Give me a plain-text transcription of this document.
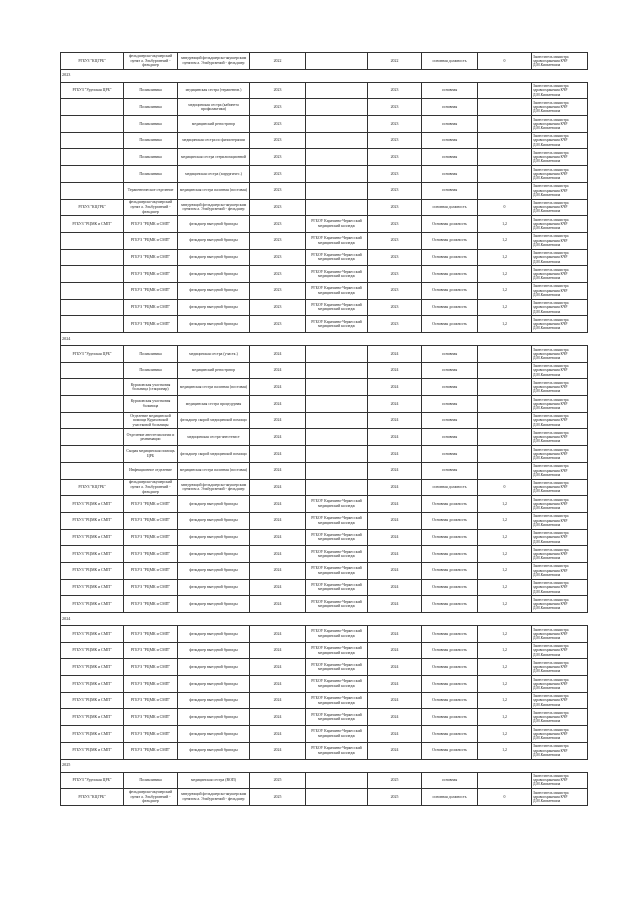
РГБУЗ "КЦГРБ"	фельдшерско-акушерский пункт а. Эльбурганчий - фельдшер	заведующий фельдшерско-акушерским пунктом а. Эльбурганчий - фельдшер	2022		2022	основная должность	0	Заместитель министра здравоохранения КЧР Д.М.Кипкеевшпа
2023								
РГБУЗ "Урупская ЦРБ"	Поликлиника	медицинская сестра (терапевтов.)	2023		2023	основная		Заместитель министра здравоохранения КЧР Д.М.Кипкеевшпа
	Поликлиника	медицинская сестра (кабинета профилактики)	2023		2023	основная		Заместитель министра здравоохранения КЧР Д.М.Кипкеевшпа
	Поликлиника	медицинский регистратор	2023		2023	основная		Заместитель министра здравоохранения КЧР Д.М.Кипкеевшпа
	Поликлиника	медицинская сестра по физиотерапии	2023		2023	основная		Заместитель министра здравоохранения КЧР Д.М.Кипкеевшпа
	Поликлиника	медицинская сестра стерилизационной	2023		2023	основная		Заместитель министра здравоохранения КЧР Д.М.Кипкеевшпа
	Поликлиника	медицинская сестра (хирургичес.)	2023		2023	основная		Заместитель министра здравоохранения КЧР Д.М.Кипкеевшпа
	Терапевтическое отделение	медицинская сестра палатная (постовая)	2023		2023	основная		Заместитель министра здравоохранения КЧР Д.М.Кипкеевшпа
РГБУЗ "КЦГРБ"	фельдшерско-акушерский пункт а. Эльбурганчий - фельдшер	заведующий фельдшерско-акушерским пунктом а. Эльбурганчий - фельдшер	2023		2023	основная должность	0	Заместитель министра здравоохранения КЧР Д.М.Кипкеевшпа
РГБУЗ "РЦМК и СМП"	РГБУЗ "РЦМК и СМП"	фельдшер выездной бригады	2023	РГБОУ Карачаево-Черкесский медицинский колледж	2023	Основная должность	1,2	Заместитель министра здравоохранения КЧР Д.М.Кипкеевшпа
	РГБУЗ "РЦМК и СМП"	фельдшер выездной бригады	2023	РГБОУ Карачаево-Черкесский медицинский колледж	2023	Основная должность	1,2	Заместитель министра здравоохранения КЧР Д.М.Кипкеевшпа
	РГБУЗ "РЦМК и СМП"	фельдшер выездной бригады	2023	РГБОУ Карачаево-Черкесский медицинский колледж	2023	Основная должность	1,2	Заместитель министра здравоохранения КЧР Д.М.Кипкеевшпа
	РГБУЗ "РЦМК и СМП"	фельдшер выездной бригады	2023	РГБОУ Карачаево-Черкесский медицинский колледж	2023	Основная должность	1,2	Заместитель министра здравоохранения КЧР Д.М.Кипкеевшпа
	РГБУЗ "РЦМК и СМП"	фельдшер выездной бригады	2023	РГБОУ Карачаево-Черкесский медицинский колледж	2023	Основная должность	1,2	Заместитель министра здравоохранения КЧР Д.М.Кипкеевшпа
	РГБУЗ "РЦМК и СМП"	фельдшер выездной бригады	2023	РГБОУ Карачаево-Черкесский медицинский колледж	2023	Основная должность	1,2	Заместитель министра здравоохранения КЧР Д.М.Кипкеевшпа
	РГБУЗ "РЦМК и СМП"	фельдшер выездной бригады	2023	РГБОУ Карачаево-Черкесский медицинский колледж	2023	Основная должность	1,2	Заместитель министра здравоохранения КЧР Д.М.Кипкеевшпа
2024								
РГБУЗ "Урупская ЦРБ"	Поликлиника	медицинская сестра (участк.)	2024		2024	основная		Заместитель министра здравоохранения КЧР Д.М.Кипкеевшпа
	Поликлиника	медицинский регистратор	2024		2024	основная		Заместитель министра здравоохранения КЧР Д.М.Кипкеевшпа
	Кураховская участковая больница (стационар)	медицинская сестра палатная (постовая)	2024		2024	основная		Заместитель министра здравоохранения КЧР Д.М.Кипкеевшпа
	Кураховская участковая больница	медицинская сестра процедурная	2024		2024	основная		Заместитель министра здравоохранения КЧР Д.М.Кипкеевшпа
	Отделение медицинской помощи Кураховской участковой больницы	фельдшер скорой медицинской помощи	2024		2024	основная		Заместитель министра здравоохранения КЧР Д.М.Кипкеевшпа
	Отделение анестезиологии и реанимации	медицинская сестра-анестезист	2024		2024	основная		Заместитель министра здравоохранения КЧР Д.М.Кипкеевшпа
	Скорая медицинская помощь ЦРБ	фельдшер скорой медицинской помощи	2024		2024	основная		Заместитель министра здравоохранения КЧР Д.М.Кипкеевшпа
	Инфекционное отделение	медицинская сестра палатная (постовая)	2024		2024	основная		Заместитель министра здравоохранения КЧР Д.М.Кипкеевшпа
РГБУЗ "КЦГРБ"	фельдшерско-акушерский пункт а. Эльбурганчий - фельдшер	заведующий фельдшерско-акушерским пунктом а. Эльбурганчий - фельдшер	2024		2024	основная должность	0	Заместитель министра здравоохранения КЧР Д.М.Кипкеевшпа
РГБУЗ "РЦМК и СМП"	РГБУЗ "РЦМК и СМП"	фельдшер выездной бригады	2024	РГБОУ Карачаево-Черкесский медицинский колледж	2024	Основная должность	1,2	Заместитель министра здравоохранения КЧР Д.М.Кипкеевшпа
РГБУЗ "РЦМК и СМП"	РГБУЗ "РЦМК и СМП"	фельдшер выездной бригады	2024	РГБОУ Карачаево-Черкесский медицинский колледж	2024	Основная должность	1,2	Заместитель министра здравоохранения КЧР Д.М.Кипкеевшпа
РГБУЗ "РЦМК и СМП"	РГБУЗ "РЦМК и СМП"	фельдшер выездной бригады	2024	РГБОУ Карачаево-Черкесский медицинский колледж	2024	Основная должность	1,2	Заместитель министра здравоохранения КЧР Д.М.Кипкеевшпа
РГБУЗ "РЦМК и СМП"	РГБУЗ "РЦМК и СМП"	фельдшер выездной бригады	2024	РГБОУ Карачаево-Черкесский медицинский колледж	2024	Основная должность	1,2	Заместитель министра здравоохранения КЧР Д.М.Кипкеевшпа
РГБУЗ "РЦМК и СМП"	РГБУЗ "РЦМК и СМП"	фельдшер выездной бригады	2024	РГБОУ Карачаево-Черкесский медицинский колледж	2024	Основная должность	1,2	Заместитель министра здравоохранения КЧР Д.М.Кипкеевшпа
РГБУЗ "РЦМК и СМП"	РГБУЗ "РЦМК и СМП"	фельдшер выездной бригады	2024	РГБОУ Карачаево-Черкесский медицинский колледж	2024	Основная должность	1,2	Заместитель министра здравоохранения КЧР Д.М.Кипкеевшпа
РГБУЗ "РЦМК и СМП"	РГБУЗ "РЦМК и СМП"	фельдшер выездной бригады	2024	РГБОУ Карачаево-Черкесский медицинский колледж	2024	Основная должность	1,2	Заместитель министра здравоохранения КЧР Д.М.Кипкеевшпа
2024								
РГБУЗ "РЦМК и СМП"	РГБУЗ "РЦМК и СМП"	фельдшер выездной бригады	2024	РГБОУ Карачаево-Черкесский медицинский колледж	2024	Основная должность	1,2	Заместитель министра здравоохранения КЧР Д.М.Кипкеевшпа
РГБУЗ "РЦМК и СМП"	РГБУЗ "РЦМК и СМП"	фельдшер выездной бригады	2024	РГБОУ Карачаево-Черкесский медицинский колледж	2024	Основная должность	1,2	Заместитель министра здравоохранения КЧР Д.М.Кипкеевшпа
РГБУЗ "РЦМК и СМП"	РГБУЗ "РЦМК и СМП"	фельдшер выездной бригады	2024	РГБОУ Карачаево-Черкесский медицинский колледж	2024	Основная должность	1,2	Заместитель министра здравоохранения КЧР Д.М.Кипкеевшпа
РГБУЗ "РЦМК и СМП"	РГБУЗ "РЦМК и СМП"	фельдшер выездной бригады	2024	РГБОУ Карачаево-Черкесский медицинский колледж	2024	Основная должность	1,2	Заместитель министра здравоохранения КЧР Д.М.Кипкеевшпа
РГБУЗ "РЦМК и СМП"	РГБУЗ "РЦМК и СМП"	фельдшер выездной бригады	2024	РГБОУ Карачаево-Черкесский медицинский колледж	2024	Основная должность	1,2	Заместитель министра здравоохранения КЧР Д.М.Кипкеевшпа
РГБУЗ "РЦМК и СМП"	РГБУЗ "РЦМК и СМП"	фельдшер выездной бригады	2024	РГБОУ Карачаево-Черкесский медицинский колледж	2024	Основная должность	1,2	Заместитель министра здравоохранения КЧР Д.М.Кипкеевшпа
РГБУЗ "РЦМК и СМП"	РГБУЗ "РЦМК и СМП"	фельдшер выездной бригады	2024	РГБОУ Карачаево-Черкесский медицинский колледж	2024	Основная должность	1,2	Заместитель министра здравоохранения КЧР Д.М.Кипкеевшпа
РГБУЗ "РЦМК и СМП"	РГБУЗ "РЦМК и СМП"	фельдшер выездной бригады	2024	РГБОУ Карачаево-Черкесский медицинский колледж	2024	Основная должность	1,2	Заместитель министра здравоохранения КЧР Д.М.Кипкеевшпа
2025								
РГБУЗ "Урупская ЦРБ"	Поликлиника	медицинская сестра (ВОП)	2025		2025	основная		Заместитель министра здравоохранения КЧР Д.М.Кипкеевшпа
РГБУЗ "КЦГРБ"	фельдшерско-акушерский пункт а. Эльбурганчий - фельдшер	заведующий фельдшерско-акушерским пунктом а. Эльбурганчий - фельдшер	2025		2025	основная должность	0	Заместитель министра здравоохранения КЧР Д.М.Кипкеевшпа
